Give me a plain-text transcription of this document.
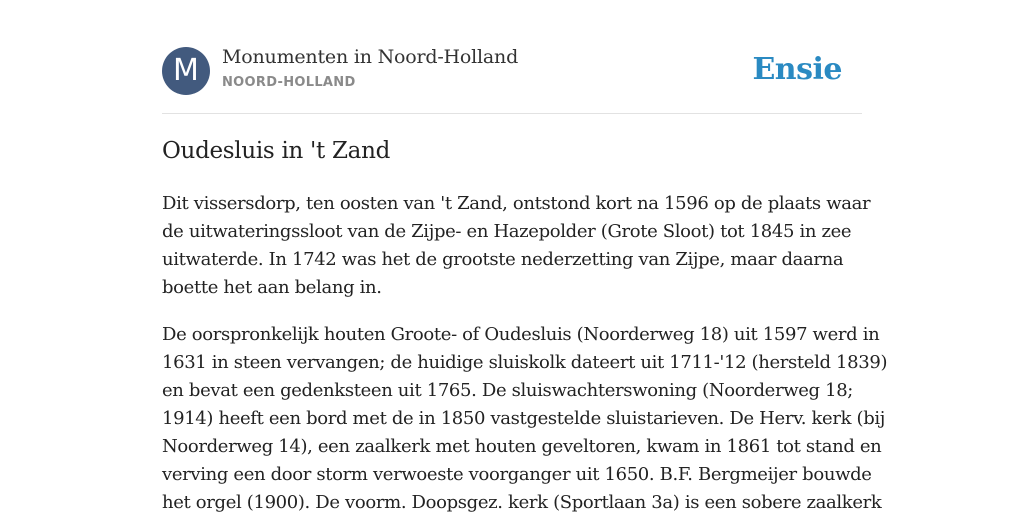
M	Monumenten in Noord-Holland
NOORD-HOLLAND	Ensie
Oudesluis in 't Zand

Dit vissersdorp, ten oosten van 't Zand, ontstond kort na 1596 op de plaats waar
de uitwateringssloot van de Zijpe- en Hazepolder (Grote Sloot) tot 1845 in zee
uitwaterde. In 1742 was het de grootste nederzetting van Zijpe, maar daarna
boette het aan belang in.

De oorspronkelijk houten Groote- of Oudesluis (Noorderweg 18) uit 1597 werd in
1631 in steen vervangen; de huidige sluiskolk dateert uit 1711-'12 (hersteld 1839)
en bevat een gedenksteen uit 1765. De sluiswachterswoning (Noorderweg 18;
1914) heeft een bord met de in 1850 vastgestelde sluistarieven. De Herv. kerk (bij
Noorderweg 14), een zaalkerk met houten geveltoren, kwam in 1861 tot stand en
verving een door storm verwoeste voorganger uit 1650. B.F. Bergmeijer bouwde
het orgel (1900). De voorm. Doopsgez. kerk (Sportlaan 3a) is een sobere zaalkerk
